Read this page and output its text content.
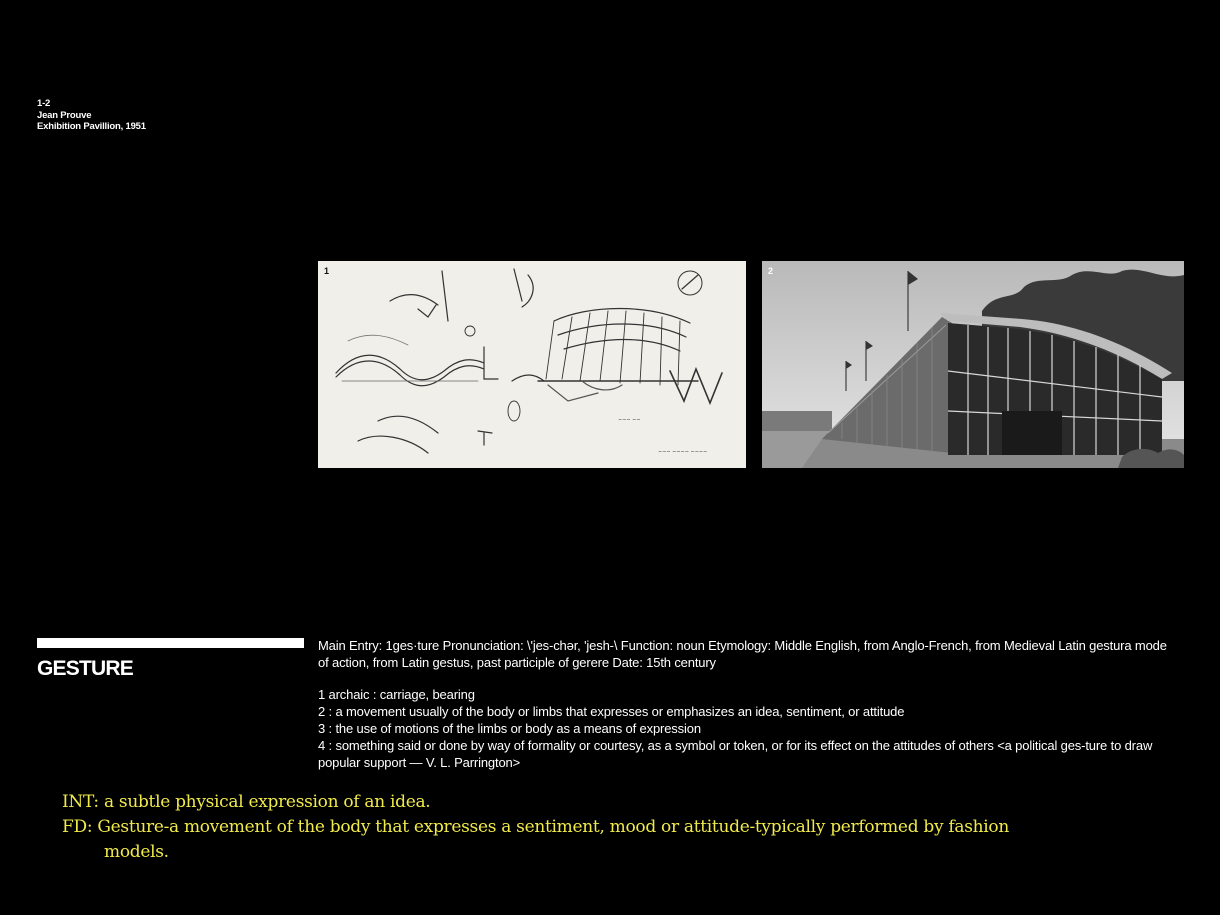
1-2
Jean Prouve
Exhibition Pavillion, 1951
~~~ ~~~~ ~~~~
~~~ ~~
1	2
GESTURE

Main Entry: 1ges·ture Pronunciation: \'jes-chər, 'jesh-\ Function: noun Etymology: Middle English, from Anglo-French, from Medieval Latin gestura mode of action, from Latin gestus, past participle of gerere Date: 15th century

1 archaic : carriage, bearing

2 : a movement usually of the body or limbs that expresses or emphasizes an idea, sentiment, or attitude

3 : the use of motions of the limbs or body as a means of expression

4 : something said or done by way of formality or courtesy, as a symbol or token, or for its effect on the attitudes of others <a political ges-ture to draw popular support — V. L. Parrington>

INT: a subtle physical expression of an idea.
FD: Gesture-a movement of the body that expresses a sentiment, mood or attitude-typically performed by fashion
models.
